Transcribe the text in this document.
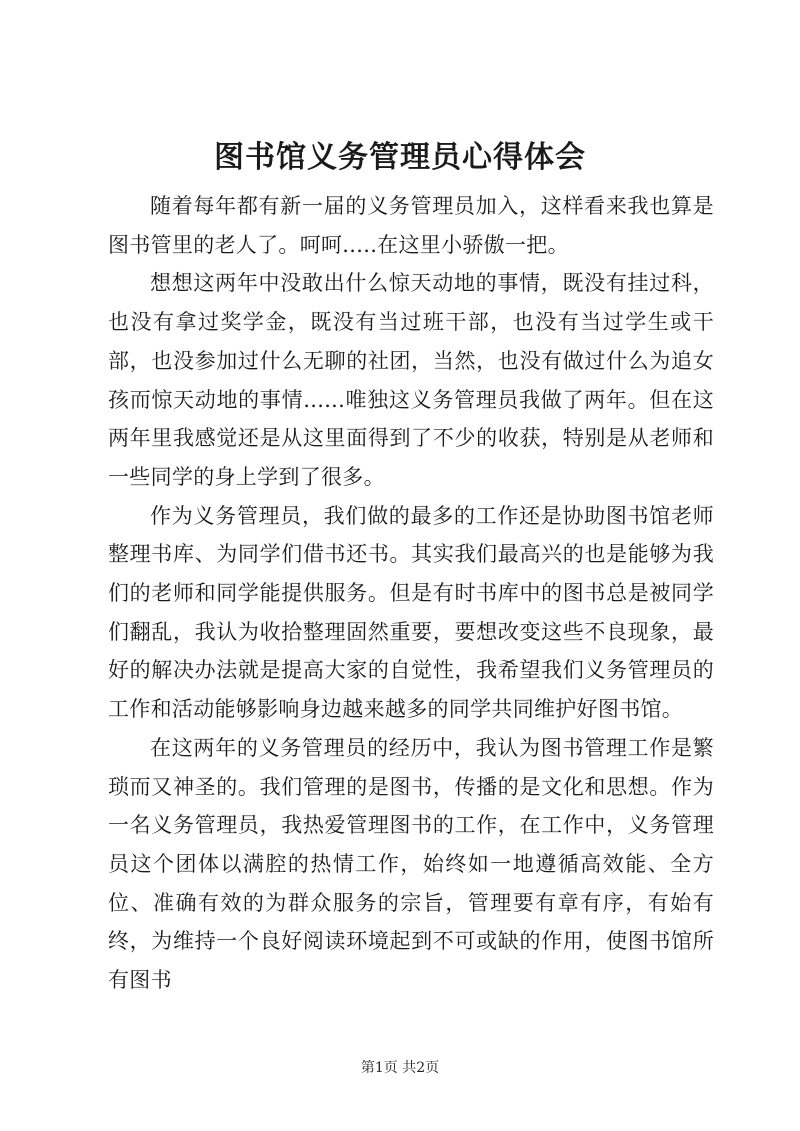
图书馆义务管理员心得体会

随着每年都有新一届的义务管理员加入，这样看来我也算是图书管里的老人了。呵呵.....在这里小骄傲一把。

想想这两年中没敢出什么惊天动地的事情，既没有挂过科，也没有拿过奖学金，既没有当过班干部，也没有当过学生或干部，也没参加过什么无聊的社团，当然，也没有做过什么为追女孩而惊天动地的事情......唯独这义务管理员我做了两年。但在这两年里我感觉还是从这里面得到了不少的收获，特别是从老师和一些同学的身上学到了很多。

作为义务管理员，我们做的最多的工作还是协助图书馆老师整理书库、为同学们借书还书。其实我们最高兴的也是能够为我们的老师和同学能提供服务。但是有时书库中的图书总是被同学们翻乱，我认为收拾整理固然重要，要想改变这些不良现象，最好的解决办法就是提高大家的自觉性，我希望我们义务管理员的工作和活动能够影响身边越来越多的同学共同维护好图书馆。

在这两年的义务管理员的经历中，我认为图书管理工作是繁琐而又神圣的。我们管理的是图书，传播的是文化和思想。作为一名义务管理员，我热爱管理图书的工作，在工作中，义务管理员这个团体以满腔的热情工作，始终如一地遵循高效能、全方位、准确有效的为群众服务的宗旨，管理要有章有序，有始有终，为维持一个良好阅读环境起到不可或缺的作用，使图书馆所有图书

第1页 共2页
